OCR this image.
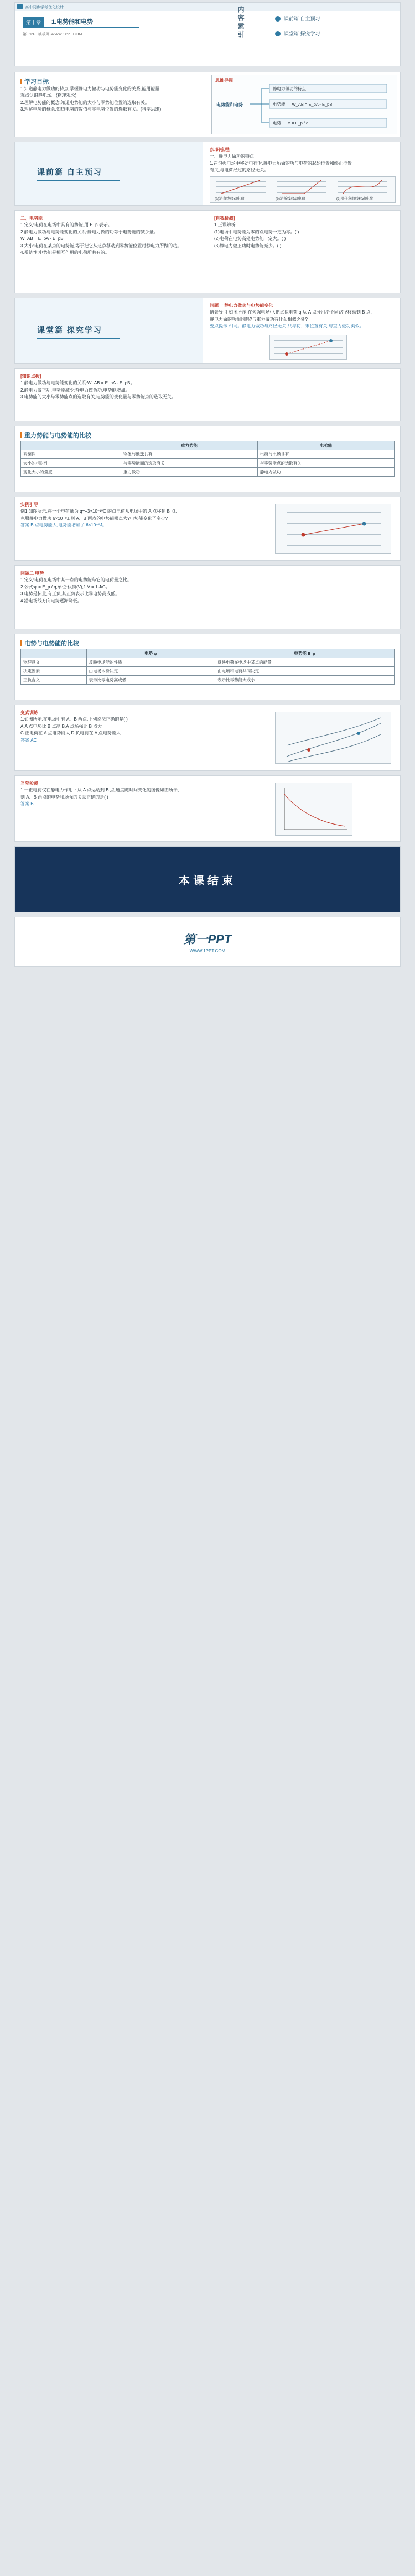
高中同步学考优化设计
第十章	1.电势能和电势
第一PPT模板网-WWW.1PPT.COM	内容索引	课前篇 自主预习
课堂篇 探究学习
学习目标
1.知道静电力做功的特点,掌握静电力做功与电势能变化的关系,能用能量
观点认识静电场。(物理观念)
2.理解电势能的概念,知道电势能的大小与零势能位置的选取有关。
3.理解电势的概念,知道电势的数值与零电势位置的选取有关。(科学思维)
思维导图
电势能和电势
静电力做功的特点
电势能 W_AB = E_pA - E_pB
电势 φ = E_p / q
课前篇 自主预习
[知识梳理]
一、静电力做功的特点
1.在匀强电场中移动电荷时,静电力所做的功与电荷的起始位置和终止位置
有关,与电荷经过的路径无关。
(a)沿直线移动电荷	(b)沿折线移动电荷	(c)沿任意曲线移动电荷
二、电势能
1.定义:电荷在电场中具有的势能,用 E_p 表示。
2.静电力做功与电势能变化的关系:静电力做的功等于电势能的减少量。
W_AB = E_pA - E_pB
3.大小:电荷在某点的电势能,等于把它从这点移动到零势能位置时静电力所做的功。
4.系统性:电势能是相互作用的电荷所共有的。
[自我检测]
1.正误辨析
(1)电场中电势能为零的点电势一定为零。( )
(2)电荷在电势高处电势能一定大。( )
(3)静电力做正功时电势能减少。( )
课堂篇 探究学习
问题一 静电力做功与电势能变化
情景导引 如图所示,在匀强电场中,把试探电荷 q 从 A 点分别沿不同路径移动到 B 点,
静电力做的功相同吗?与重力做功有什么相似之处?
要点提示 相同。静电力做功与路径无关,只与初、末位置有关,与重力做功类似。
[知识点拨]
1.静电力做功与电势能变化的关系:W_AB = E_pA - E_pB。
2.静电力做正功,电势能减少;静电力做负功,电势能增加。
3.电势能的大小与零势能点的选取有关,电势能的变化量与零势能点的选取无关。
重力势能与电势能的比较
	重力势能	电势能
系统性	物体与地球共有	电荷与电场共有
大小的相对性	与零势能面的选取有关	与零势能点的选取有关
变化大小的量度	重力做功	静电力做功
实例引导
例1 如图所示,将一个电荷量为 q=+3×10⁻¹⁰C 的点电荷从电场中的 A 点移到 B 点,
克服静电力做功 6×10⁻⁹J,则 A、B 两点的电势能哪点大?电势能变化了多少?
答案 B 点电势能大,电势能增加了 6×10⁻⁹J。
问题二 电势
1.定义:电荷在电场中某一点的电势能与它的电荷量之比。
2.公式:φ = E_p / q,单位:伏特(V),1 V = 1 J/C。
3.电势是标量,有正负,其正负表示比零电势高或低。
4.沿电场线方向电势逐渐降低。
电势与电势能的比较
	电势 φ	电势能 E_p
物理意义	反映电场能的性质	反映电荷在电场中某点的能量
决定因素	由电场本身决定	由电场和电荷共同决定
正负含义	表示比零电势高或低	表示比零势能大或小
变式训练
1.如图所示,在电场中有 A、B 两点,下列说法正确的是( )
A.A 点电势比 B 点高 B.A 点场强比 B 点大
C.正电荷在 A 点电势能大 D.负电荷在 A 点电势能大
答案 AC
当堂检测
1.一正电荷仅在静电力作用下从 A 点运动到 B 点,速度随时间变化的图像如图所示,
则 A、B 两点的电势和场强的关系正确的是( )
答案 B
本课结束
第一PPT
WWW.1PPT.COM
